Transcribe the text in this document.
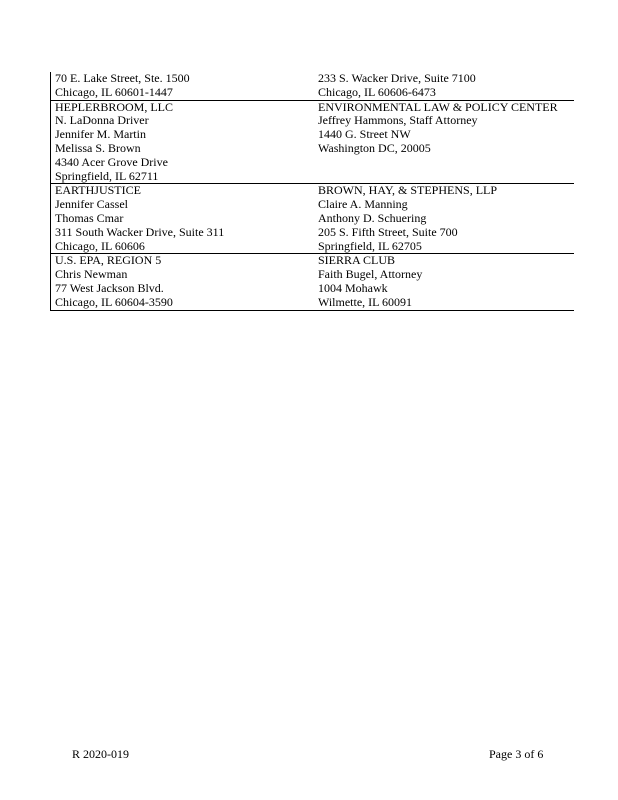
70 E. Lake Street, Ste. 1500
Chicago, IL 60601-1447
233 S. Wacker Drive, Suite 7100
Chicago, IL 60606-6473
HEPLERBROOM, LLC
N. LaDonna Driver
Jennifer M. Martin
Melissa S. Brown
4340 Acer Grove Drive
Springfield, IL 62711
ENVIRONMENTAL LAW & POLICY CENTER
Jeffrey Hammons, Staff Attorney
1440 G. Street NW
Washington DC, 20005
EARTHJUSTICE
Jennifer Cassel
Thomas Cmar
311 South Wacker Drive, Suite 311
Chicago, IL 60606
BROWN, HAY, & STEPHENS, LLP
Claire A. Manning
Anthony D. Schuering
205 S. Fifth Street, Suite 700
Springfield, IL 62705
U.S. EPA, REGION 5
Chris Newman
77 West Jackson Blvd.
Chicago, IL 60604-3590
SIERRA CLUB
Faith Bugel, Attorney
1004 Mohawk
Wilmette, IL 60091
R 2020-019	Page 3 of 6
